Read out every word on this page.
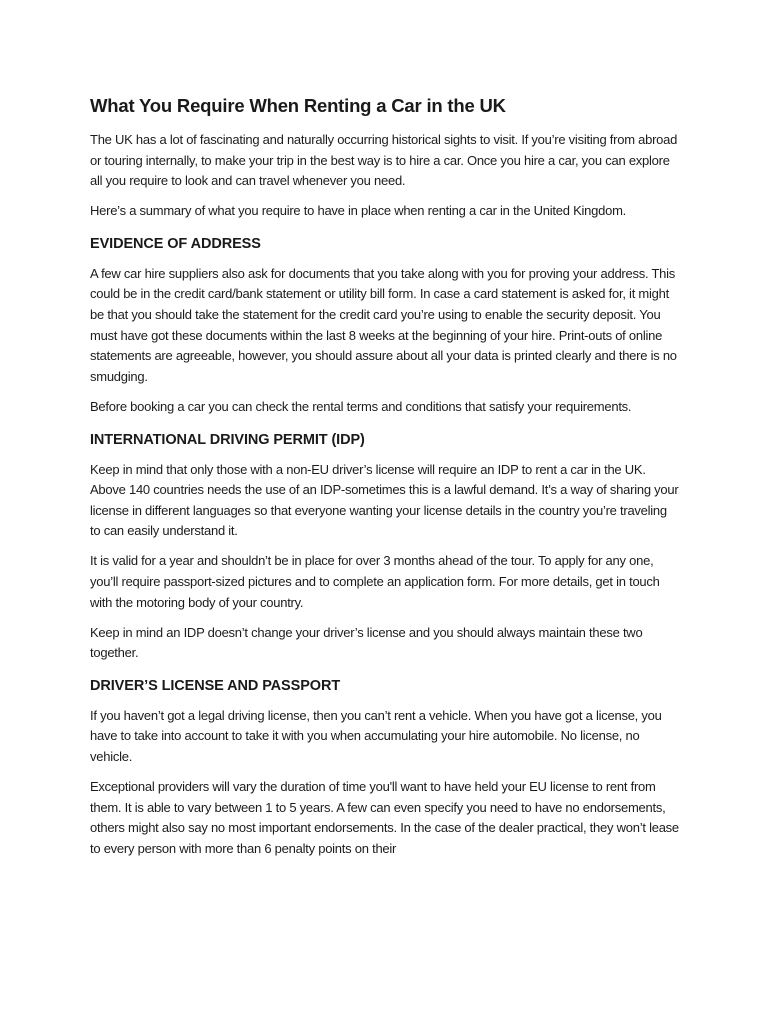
What You Require When Renting a Car in the UK

The UK has a lot of fascinating and naturally occurring historical sights to visit. If you’re visiting from abroad or touring internally, to make your trip in the best way is to hire a car. Once you hire a car, you can explore all you require to look and can travel whenever you need.

Here’s a summary of what you require to have in place when renting a car in the United Kingdom.

EVIDENCE OF ADDRESS

A few car hire suppliers also ask for documents that you take along with you for proving your address. This could be in the credit card/bank statement or utility bill form. In case a card statement is asked for, it might be that you should take the statement for the credit card you’re using to enable the security deposit. You must have got these documents within the last 8 weeks at the beginning of your hire. Print-outs of online statements are agreeable, however, you should assure about all your data is printed clearly and there is no smudging.

Before booking a car you can check the rental terms and conditions that satisfy your requirements.

INTERNATIONAL DRIVING PERMIT (IDP)

Keep in mind that only those with a non-EU driver’s license will require an IDP to rent a car in the UK. Above 140 countries needs the use of an IDP-sometimes this is a lawful demand. It’s a way of sharing your license in different languages so that everyone wanting your license details in the country you’re traveling to can easily understand it.

It is valid for a year and shouldn’t be in place for over 3 months ahead of the tour. To apply for any one, you’ll require passport-sized pictures and to complete an application form. For more details, get in touch with the motoring body of your country.

Keep in mind an IDP doesn’t change your driver’s license and you should always maintain these two together.

DRIVER’S LICENSE AND PASSPORT

If you haven’t got a legal driving license, then you can’t rent a vehicle. When you have got a license, you have to take into account to take it with you when accumulating your hire automobile. No license, no vehicle.

Exceptional providers will vary the duration of time you'll want to have held your EU license to rent from them. It is able to vary between 1 to 5 years. A few can even specify you need to have no endorsements, others might also say no most important endorsements. In the case of the dealer practical, they won’t lease to every person with more than 6 penalty points on their
